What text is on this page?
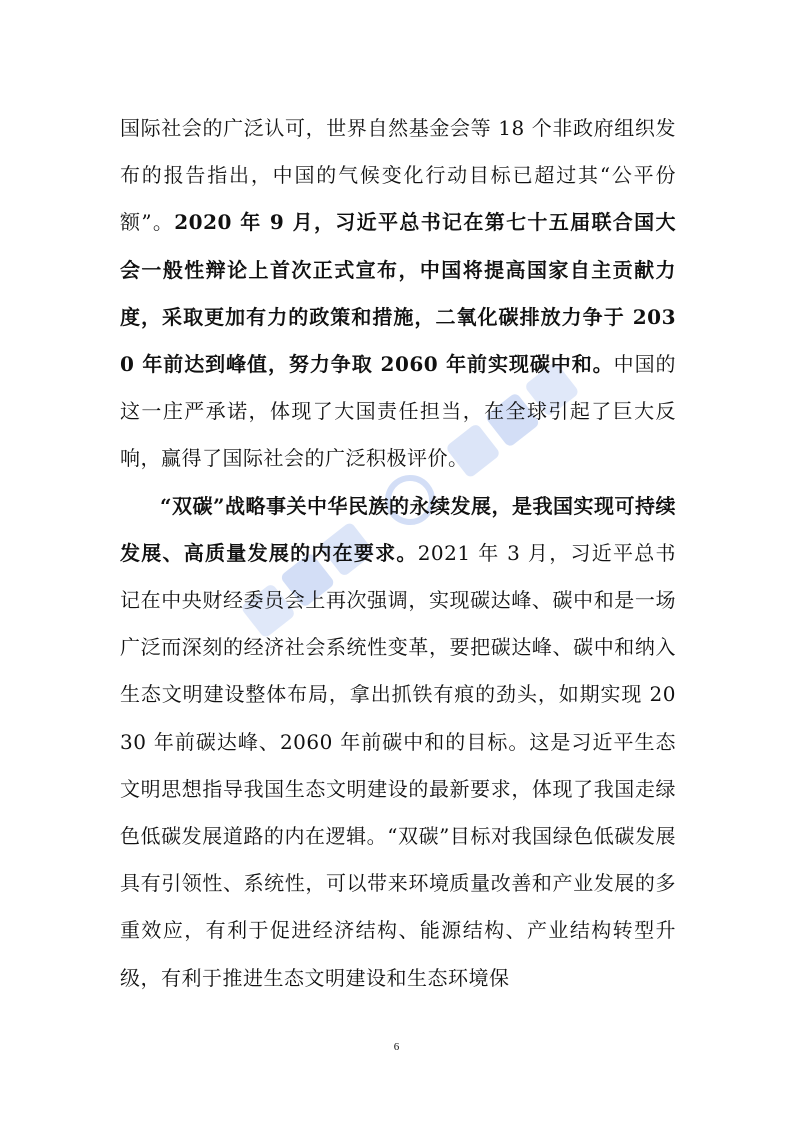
国际社会的广泛认可，世界自然基金会等 18 个非政府组织发布的报告指出，中国的气候变化行动目标已超过其“公平份额”。2020 年 9 月，习近平总书记在第七十五届联合国大会一般性辩论上首次正式宣布，中国将提高国家自主贡献力度，采取更加有力的政策和措施，二氧化碳排放力争于 2030 年前达到峰值，努力争取 2060 年前实现碳中和。中国的这一庄严承诺，体现了大国责任担当，在全球引起了巨大反响，赢得了国际社会的广泛积极评价。

“双碳”战略事关中华民族的永续发展，是我国实现可持续发展、高质量发展的内在要求。2021 年 3 月，习近平总书记在中央财经委员会上再次强调，实现碳达峰、碳中和是一场广泛而深刻的经济社会系统性变革，要把碳达峰、碳中和纳入生态文明建设整体布局，拿出抓铁有痕的劲头，如期实现 2030 年前碳达峰、2060 年前碳中和的目标。这是习近平生态文明思想指导我国生态文明建设的最新要求，体现了我国走绿色低碳发展道路的内在逻辑。“双碳”目标对我国绿色低碳发展具有引领性、系统性，可以带来环境质量改善和产业发展的多重效应，有利于促进经济结构、能源结构、产业结构转型升级，有利于推进生态文明建设和生态环境保

6
